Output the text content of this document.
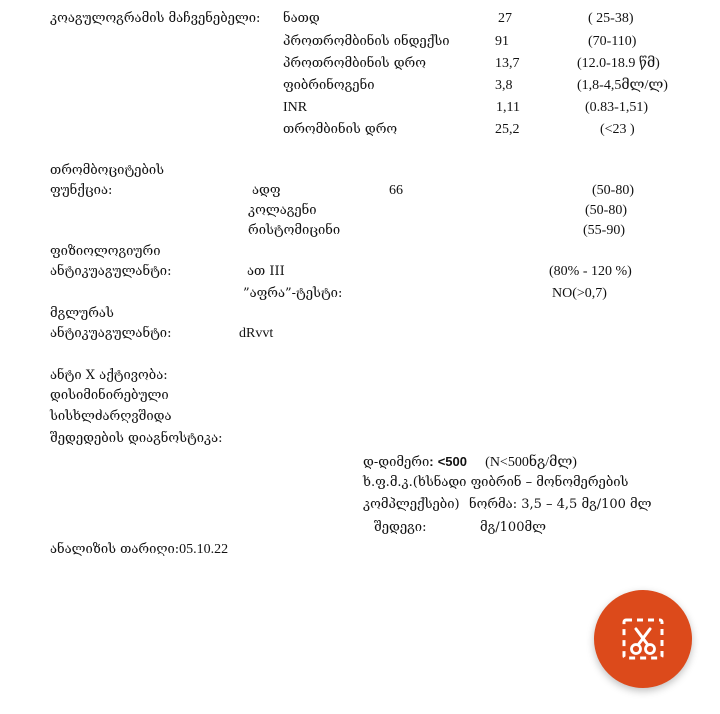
კოაგულოგრამის მაჩვენებელი: ნათდ	27	( 25-38)
პროთრომბინის ინდექსი	91	(70-110)
პროთრომბინის დრო	13,7	(12.0-18.9 წმ)
ფიბრინოგენი	3,8	(1,8-4,5მლ/ლ)
INR	1,11	(0.83-1,51)
თრომბინის დრო	25,2	(<23 )
თრომბოციტების
ფუნქცია:	ადფ	66	(50-80)
კოლაგენი	(50-80)
რისტომიცინი	(55-90)
ფიზიოლოგიური
ანტიკუაგულანტი:	ათ III	(80% - 120 %)
”აფრა”-ტესტი:	NO(>0,7)
მგლურას
ანტიკუაგულანტი:	dRvvt
ანტი X აქტივობა:
დისიმინირებული
სისხლძარღვშიდა
შედედების დიაგნოსტიკა:
დ-დიმერი: <500 (N<500ნგ/მლ)
ხ.ფ.მ.კ.(ხსნადი ფიბრინ – მონომერების
კომპლექსები) ნორმა: 3,5 – 4,5 მგ/100 მლ
შედეგი:	მგ/100მლ
ანალიზის თარიღი:05.10.22
